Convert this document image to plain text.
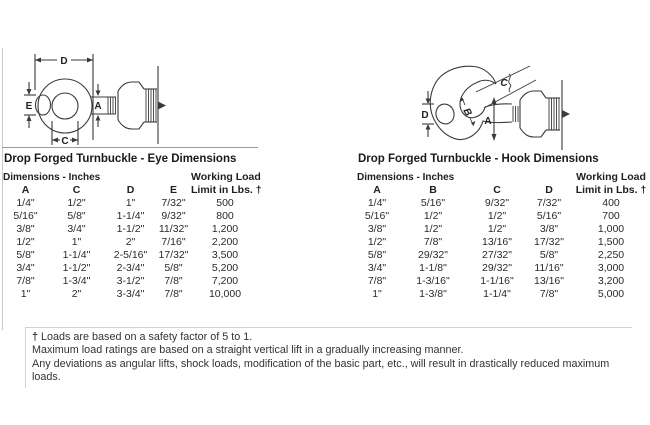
D
E
C
A
D	B
C
A
Drop Forged Turnbuckle - Eye Dimensions
Dimensions - Inches				Working Load
A	C	D	E	Limit in Lbs. †
1/4"	1/2"	1"	7/32"	500
5/16"	5/8"	1-1/4"	9/32"	800
3/8"	3/4"	1-1/2"	11/32"	1,200
1/2"	1"	2"	7/16"	2,200
5/8"	1-1/4"	2-5/16"	17/32"	3,500
3/4"	1-1/2"	2-3/4"	5/8"	5,200
7/8"	1-3/4"	3-1/2"	7/8"	7,200
1"	2"	3-3/4"	7/8"	10,000
Drop Forged Turnbuckle - Hook Dimensions
Dimensions - Inches				Working Load
A	B	C	D	Limit in Lbs. †
1/4"	5/16"	9/32"	7/32"	400
5/16"	1/2"	1/2"	5/16"	700
3/8"	1/2"	1/2"	3/8"	1,000
1/2"	7/8"	13/16"	17/32"	1,500
5/8"	29/32"	27/32"	5/8"	2,250
3/4"	1-1/8"	29/32"	11/16"	3,000
7/8"	1-3/16"	1-1/16"	13/16"	3,200
1"	1-3/8"	1-1/4"	7/8"	5,000
† Loads are based on a safety factor of 5 to 1.
Maximum load ratings are based on a straight vertical lift in a gradually increasing manner.
Any deviations as angular lifts, shock loads, modification of the basic part, etc., will result in drastically reduced maximum loads.
